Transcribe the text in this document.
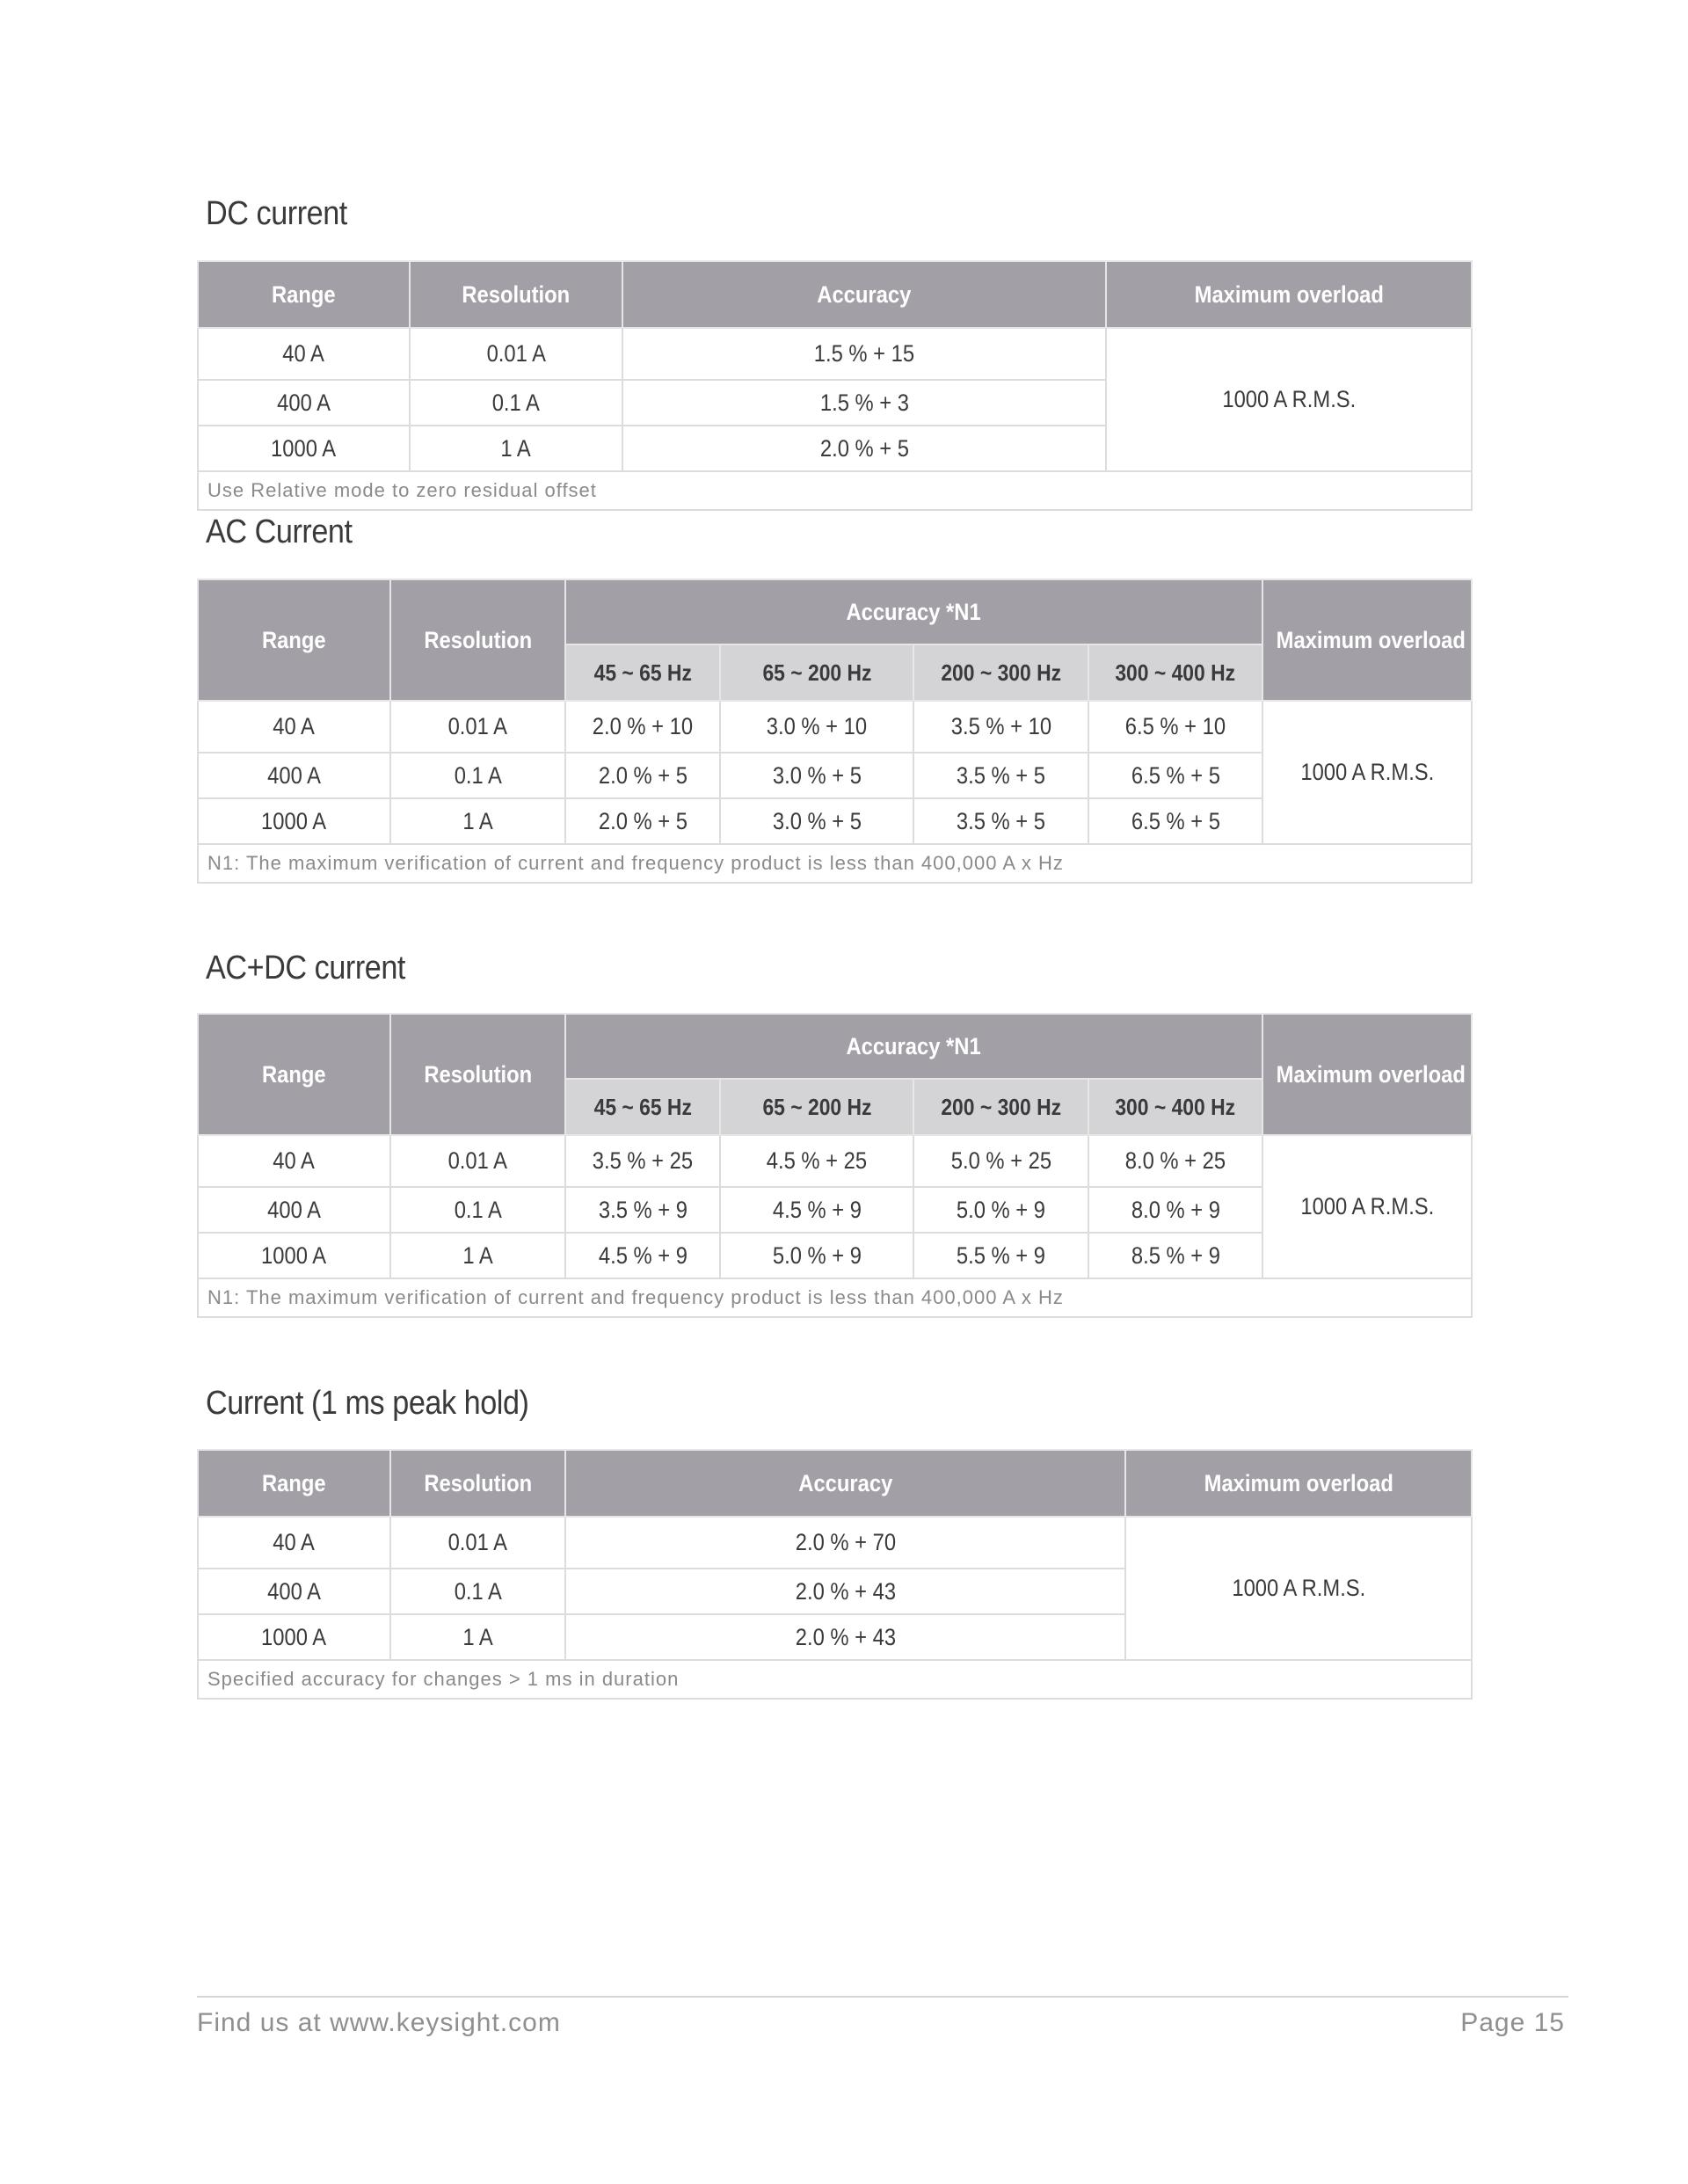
DC current
Range	Resolution	Accuracy	Maximum overload
40 A	0.01 A	1.5 % + 15	1000 A R.M.S.
400 A	0.1 A	1.5 % + 3	
1000 A	1 A	2.0 % + 5	
Use Relative mode to zero residual offset			
AC Current
Range	Resolution	Accuracy *N1				Maximum overload
		45 ~ 65 Hz	65 ~ 200 Hz	200 ~ 300 Hz	300 ~ 400 Hz	
40 A	0.01 A	2.0 % + 10	3.0 % + 10	3.5 % + 10	6.5 % + 10	1000 A R.M.S.
400 A	0.1 A	2.0 % + 5	3.0 % + 5	3.5 % + 5	6.5 % + 5	
1000 A	1 A	2.0 % + 5	3.0 % + 5	3.5 % + 5	6.5 % + 5	
N1: The maximum verification of current and frequency product is less than 400,000 A x Hz						
AC+DC current
Range	Resolution	Accuracy *N1				Maximum overload
		45 ~ 65 Hz	65 ~ 200 Hz	200 ~ 300 Hz	300 ~ 400 Hz	
40 A	0.01 A	3.5 % + 25	4.5 % + 25	5.0 % + 25	8.0 % + 25	1000 A R.M.S.
400 A	0.1 A	3.5 % + 9	4.5 % + 9	5.0 % + 9	8.0 % + 9	
1000 A	1 A	4.5 % + 9	5.0 % + 9	5.5 % + 9	8.5 % + 9	
N1: The maximum verification of current and frequency product is less than 400,000 A x Hz						
Current (1 ms peak hold)
Range	Resolution	Accuracy	Maximum overload
40 A	0.01 A	2.0 % + 70	1000 A R.M.S.
400 A	0.1 A	2.0 % + 43	
1000 A	1 A	2.0 % + 43	
Specified accuracy for changes > 1 ms in duration			
Find us at www.keysight.com	Page 15
